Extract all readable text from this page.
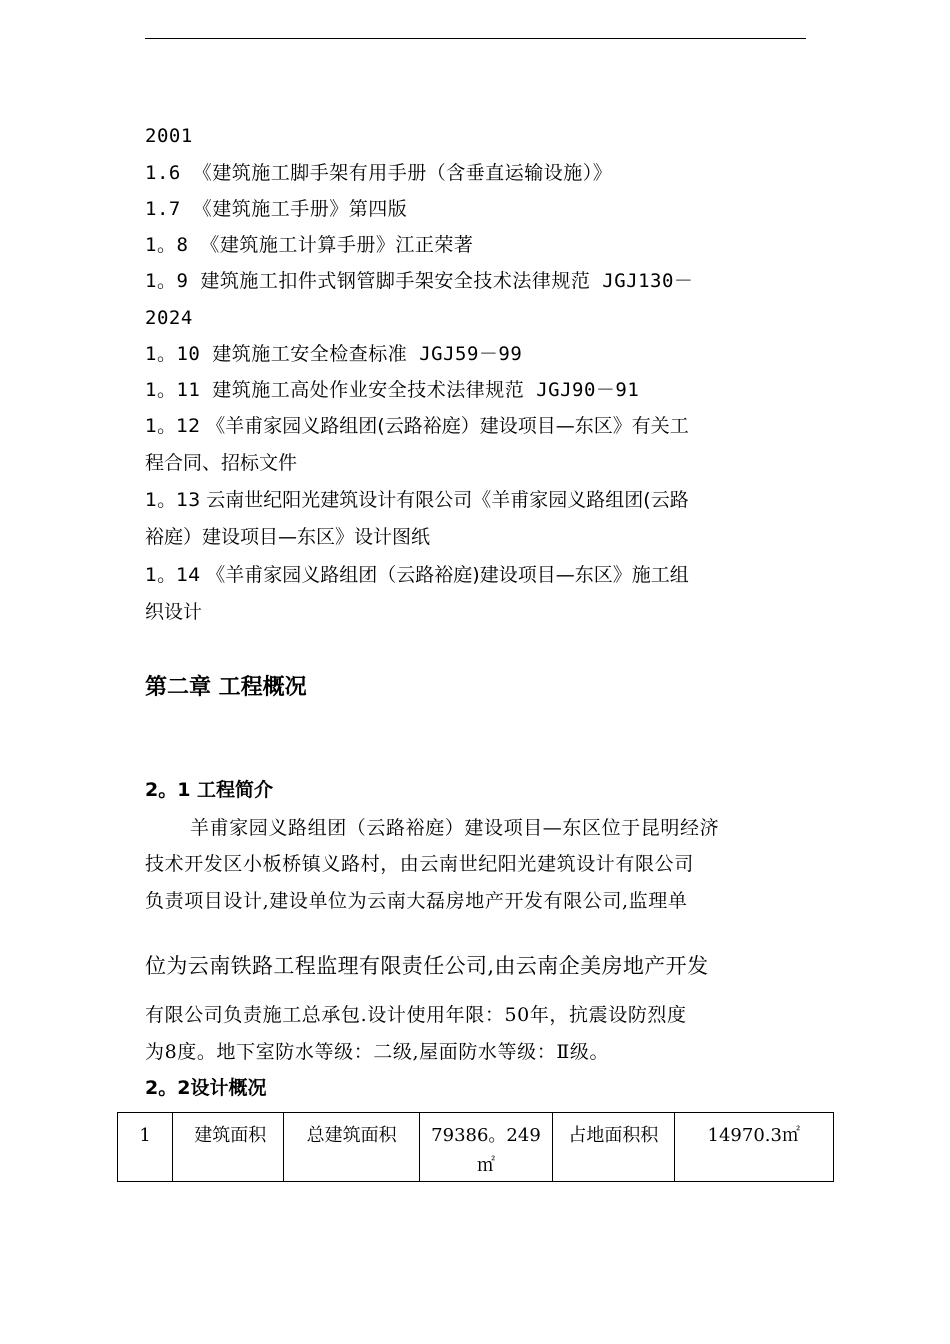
2001
1.6 《建筑施工脚手架有用手册（含垂直运输设施）》
1.7 《建筑施工手册》第四版
1。8 《建筑施工计算手册》江正荣著
1。9 建筑施工扣件式钢管脚手架安全技术法律规范 JGJ130－
2024
1。10 建筑施工安全检查标准 JGJ59－99
1。11 建筑施工高处作业安全技术法律规范 JGJ90－91
1。12 《羊甫家园义路组团(云路裕庭）建设项目—东区》有关工
程合同、招标文件
1。13 云南世纪阳光建筑设计有限公司《羊甫家园义路组团(云路
裕庭）建设项目—东区》设计图纸
1。14 《羊甫家园义路组团（云路裕庭)建设项目—东区》施工组
织设计
第二章 工程概况
2。1 工程简介
羊甫家园义路组团（云路裕庭）建设项目—东区位于昆明经济
技术开发区小板桥镇义路村，由云南世纪阳光建筑设计有限公司
负责项目设计,建设单位为云南大磊房地产开发有限公司,监理单
位为云南铁路工程监理有限责任公司,由云南企美房地产开发
有限公司负责施工总承包.设计使用年限：50年，抗震设防烈度
为8度。地下室防水等级：二级,屋面防水等级：Ⅱ级。
2。2设计概况
1	建筑面积	总建筑面积	79386。249㎡	占地面积积	14970.3㎡
